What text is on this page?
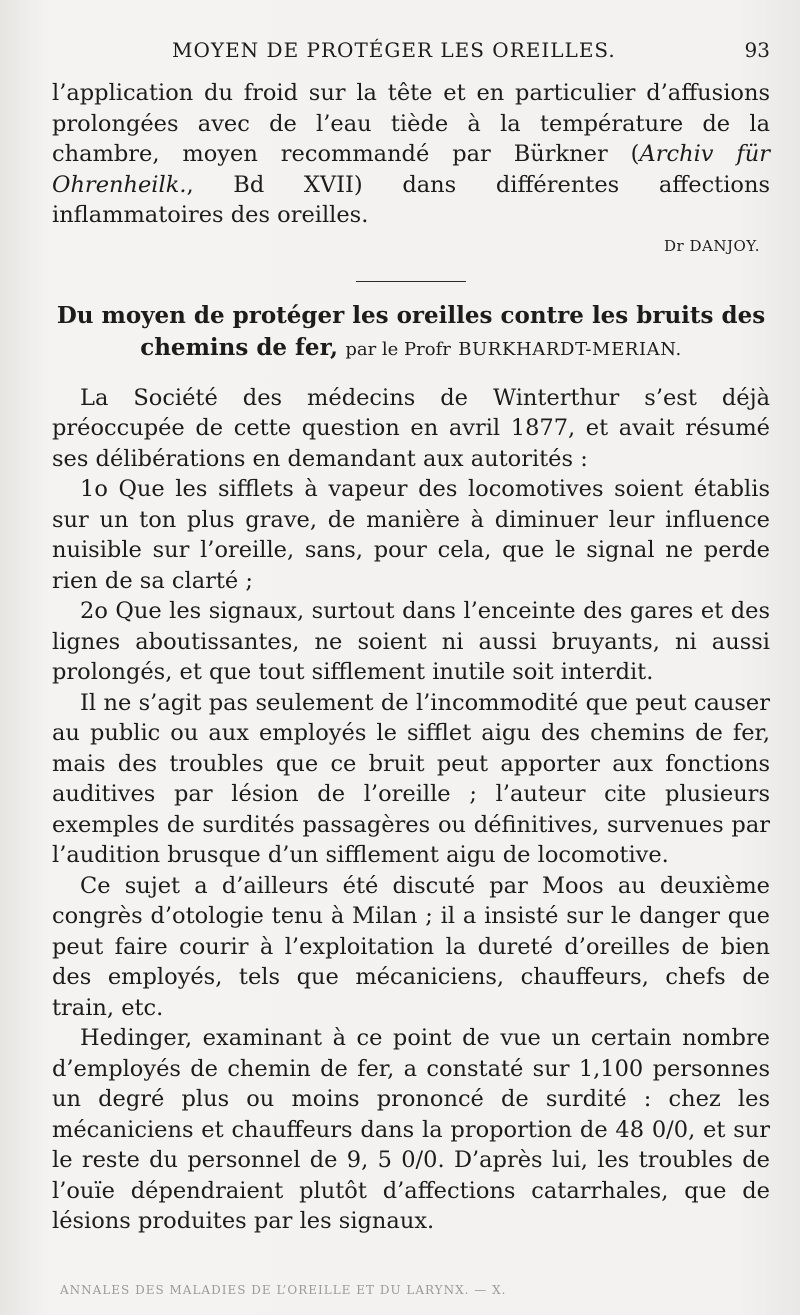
MOYEN DE PROTÉGER LES OREILLES.	93

l’application du froid sur la tête et en particulier d’affusions prolongées avec de l’eau tiède à la température de la chambre, moyen recommandé par Bürkner (Archiv für Ohrenheilk., Bd XVII) dans différentes affections inflammatoires des oreilles.

Dr DANJOY.
Du moyen de protéger les oreilles contre les bruits des chemins de fer, par le Profr BURKHARDT-MERIAN.

La Société des médecins de Winterthur s’est déjà préoccupée de cette question en avril 1877, et avait résumé ses délibérations en demandant aux autorités :

1o Que les sifflets à vapeur des locomotives soient établis sur un ton plus grave, de manière à diminuer leur influence nuisible sur l’oreille, sans, pour cela, que le signal ne perde rien de sa clarté ;

2o Que les signaux, surtout dans l’enceinte des gares et des lignes aboutissantes, ne soient ni aussi bruyants, ni aussi prolongés, et que tout sifflement inutile soit interdit.

Il ne s’agit pas seulement de l’incommodité que peut causer au public ou aux employés le sifflet aigu des chemins de fer, mais des troubles que ce bruit peut apporter aux fonctions auditives par lésion de l’oreille ; l’auteur cite plusieurs exemples de surdités passagères ou définitives, survenues par l’audition brusque d’un sifflement aigu de locomotive.

Ce sujet a d’ailleurs été discuté par Moos au deuxième congrès d’otologie tenu à Milan ; il a insisté sur le danger que peut faire courir à l’exploitation la dureté d’oreilles de bien des employés, tels que mécaniciens, chauffeurs, chefs de train, etc.

Hedinger, examinant à ce point de vue un certain nombre d’employés de chemin de fer, a constaté sur 1,100 personnes un degré plus ou moins prononcé de surdité : chez les mécaniciens et chauffeurs dans la proportion de 48 0/0, et sur le reste du personnel de 9, 5 0/0. D’après lui, les troubles de l’ouïe dépendraient plutôt d’affections catarrhales, que de lésions produites par les signaux.

ANNALES DES MALADIES DE L’OREILLE ET DU LARYNX. — X.
